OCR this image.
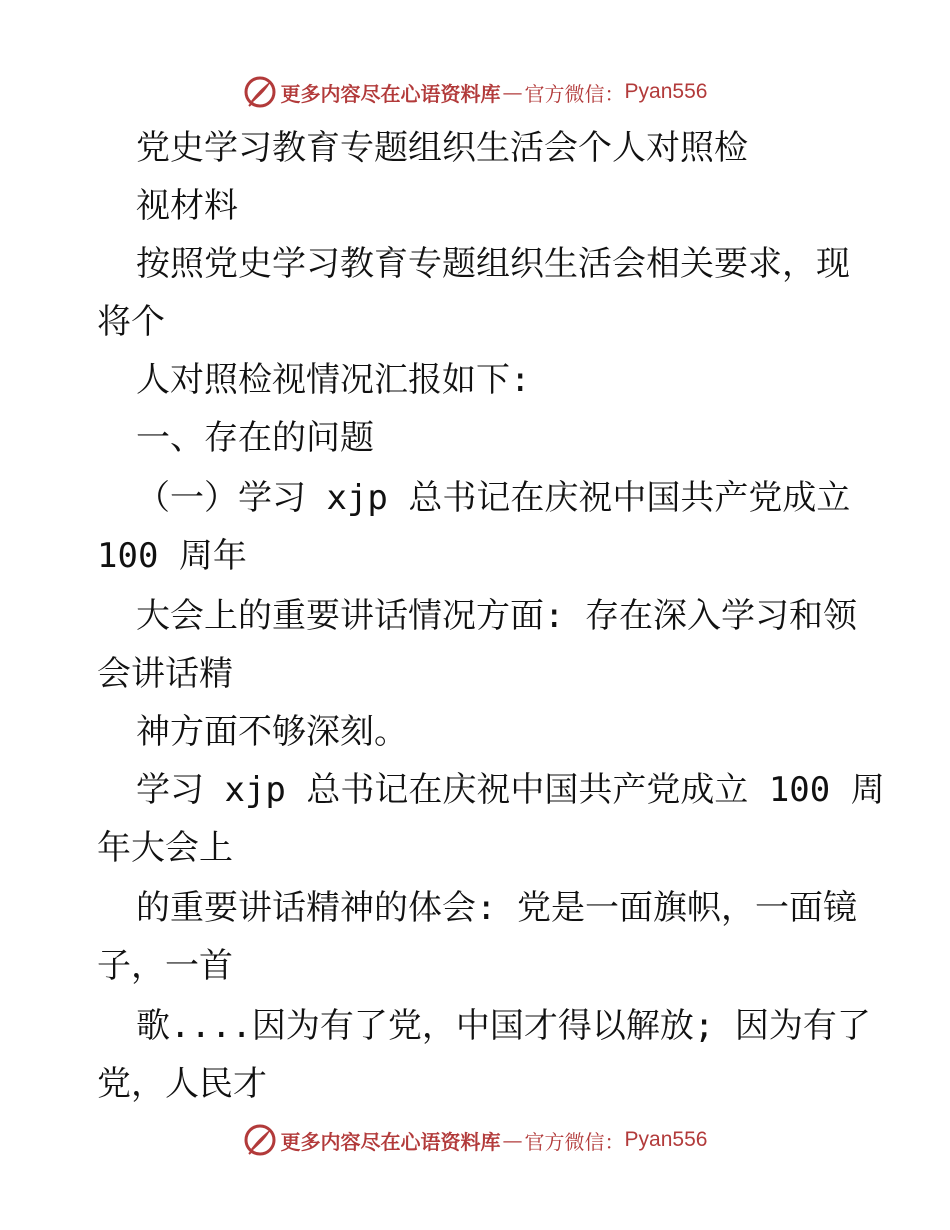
更多内容尽在心语资料库 — 官方微信： Pyan556
党史学习教育专题组织生活会个人对照检
视材料
按照党史学习教育专题组织生活会相关要求，现
将个
人对照检视情况汇报如下:
一、存在的问题
（一）学习 xjp 总书记在庆祝中国共产党成立
100 周年
大会上的重要讲话情况方面: 存在深入学习和领
会讲话精
神方面不够深刻。
学习 xjp 总书记在庆祝中国共产党成立 100 周
年大会上
的重要讲话精神的体会: 党是一面旗帜，一面镜
子，一首
歌....因为有了党，中国才得以解放; 因为有了
党，人民才
更多内容尽在心语资料库 — 官方微信： Pyan556
